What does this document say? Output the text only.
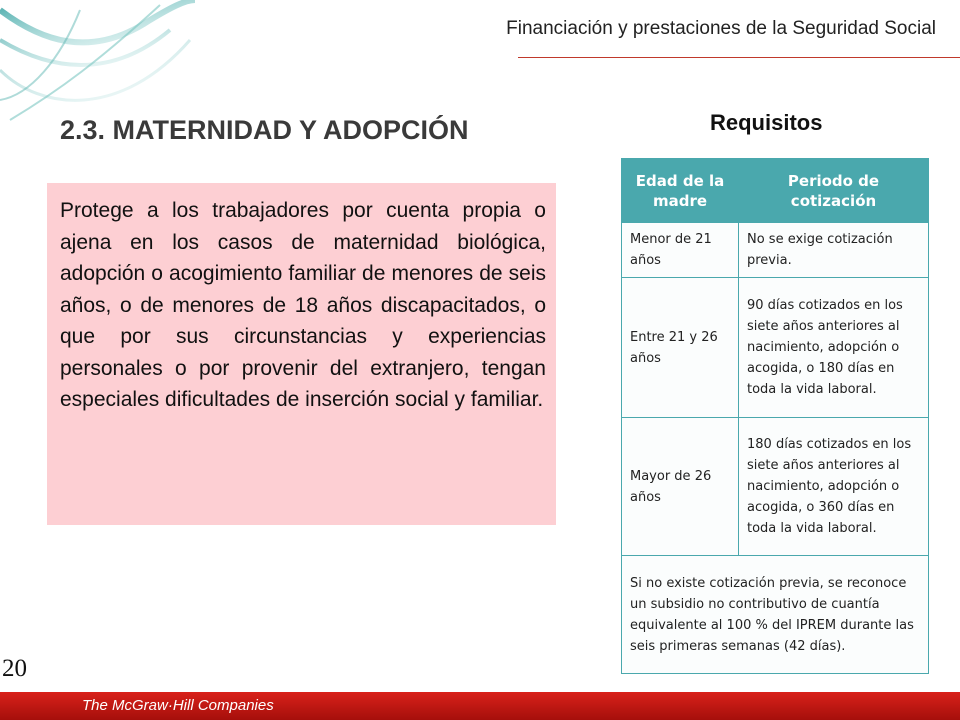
Financiación y prestaciones de la Seguridad Social
2.3. MATERNIDAD Y ADOPCIÓN	Requisitos
Protege a los trabajadores por cuenta propia o ajena en los casos de maternidad biológica, adopción o acogimiento familiar de menores de seis años, o de menores de 18 años discapacitados, o que por sus circunstancias y experiencias personales o por provenir del extranjero, tengan especiales dificultades de inserción social y familiar.
Edad de la madre	Periodo de cotización
Menor de 21 años	No se exige cotización previa.
Entre 21 y 26 años	90 días cotizados en los siete años anteriores al nacimiento, adopción o acogida, o 180 días en toda la vida laboral.
Mayor de 26 años	180 días cotizados en los siete años anteriores al nacimiento, adopción o acogida, o 360 días en toda la vida laboral.
Si no existe cotización previa, se reconoce un subsidio no contributivo de cuantía equivalente al 100 % del IPREM durante las seis primeras semanas (42 días).	
20
The McGraw·Hill Companies
